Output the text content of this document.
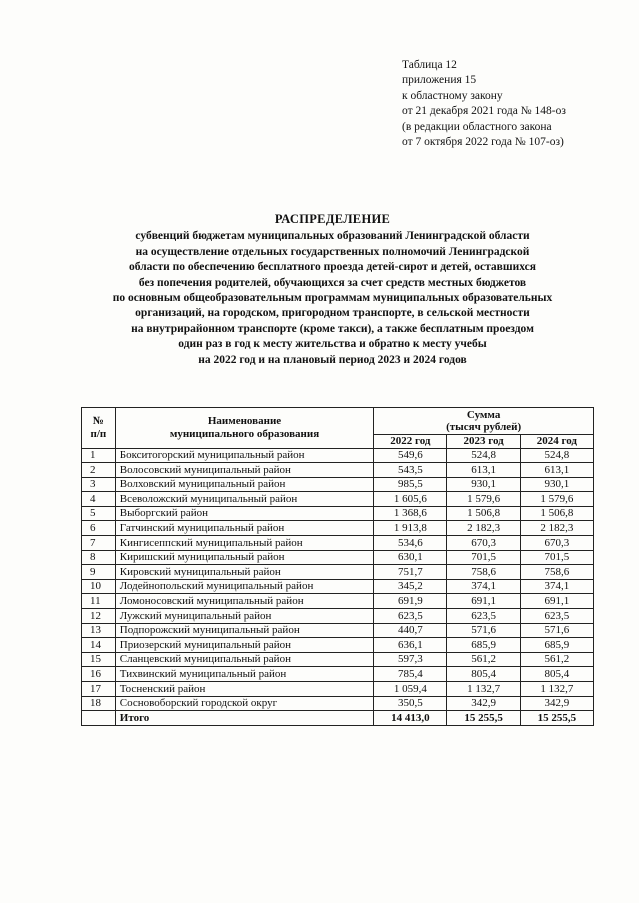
Таблица 12
приложения 15
к областному закону
от 21 декабря 2021 года № 148-оз
(в редакции областного закона
от 7 октября 2022 года № 107-оз)
РАСПРЕДЕЛЕНИЕ
субвенций бюджетам муниципальных образований Ленинградской области
на осуществление отдельных государственных полномочий Ленинградской
области по обеспечению бесплатного проезда детей-сирот и детей, оставшихся
без попечения родителей, обучающихся за счет средств местных бюджетов
по основным общеобразовательным программам муниципальных образовательных
организаций, на городском, пригородном транспорте, в сельской местности
на внутрирайонном транспорте (кроме такси), а также бесплатным проездом
один раз в год к месту жительства и обратно к месту учебы
на 2022 год и на плановый период 2023 и 2024 годов
№
п/п	Наименование
муниципального образования	Сумма
(тысяч рублей)		
		2022 год	2023 год	2024 год
1	Бокситогорский муниципальный район	549,6	524,8	524,8
2	Волосовский муниципальный район	543,5	613,1	613,1
3	Волховский муниципальный район	985,5	930,1	930,1
4	Всеволожский муниципальный район	1 605,6	1 579,6	1 579,6
5	Выборгский район	1 368,6	1 506,8	1 506,8
6	Гатчинский муниципальный район	1 913,8	2 182,3	2 182,3
7	Кингисеппский муниципальный район	534,6	670,3	670,3
8	Киришский муниципальный район	630,1	701,5	701,5
9	Кировский муниципальный район	751,7	758,6	758,6
10	Лодейнопольский муниципальный район	345,2	374,1	374,1
11	Ломоносовский муниципальный район	691,9	691,1	691,1
12	Лужский муниципальный район	623,5	623,5	623,5
13	Подпорожский муниципальный район	440,7	571,6	571,6
14	Приозерский муниципальный район	636,1	685,9	685,9
15	Сланцевский муниципальный район	597,3	561,2	561,2
16	Тихвинский муниципальный район	785,4	805,4	805,4
17	Тосненский район	1 059,4	1 132,7	1 132,7
18	Сосновоборский городской округ	350,5	342,9	342,9
	Итого	14 413,0	15 255,5	15 255,5
